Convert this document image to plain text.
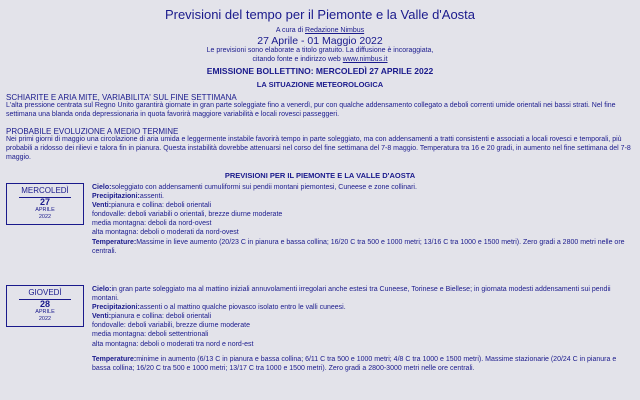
Previsioni del tempo per il Piemonte e la Valle d'Aosta
A cura di Redazione Nimbus
27 Aprile - 01 Maggio 2022
Le previsioni sono elaborate a titolo gratuito. La diffusione è incoraggiata,
citando fonte e indirizzo web www.nimbus.it
EMISSIONE BOLLETTINO: MERCOLEDÌ 27 APRILE 2022
LA SITUAZIONE METEOROLOGICA
SCHIARITE E ARIA MITE, VARIABILITA' SUL FINE SETTIMANA
L'alta pressione centrata sul Regno Unito garantirà giornate in gran parte soleggiate fino a venerdì, pur con qualche addensamento collegato a deboli correnti umide orientali nei bassi strati. Nel fine settimana una blanda onda depressionaria in quota favorirà maggiore variabilità e locali rovesci passeggeri.
PROBABILE EVOLUZIONE A MEDIO TERMINE
Nei primi giorni di maggio una circolazione di aria umida e leggermente instabile favorirà tempo in parte soleggiato, ma con addensamenti a tratti consistenti e associati a locali rovesci e temporali, più probabili a ridosso dei rilievi e talora fin in pianura. Questa instabilità dovrebbe attenuarsi nel corso del fine settimana del 7-8 maggio. Temperatura tra 16 e 20 gradi, in aumento nel fine settimana del 7-8 maggio.
PREVISIONI PER IL PIEMONTE E LA VALLE D'AOSTA
MERCOLEDÌ
27
APRILE
2022
Cielo:soleggiato con addensamenti cumuliformi sui pendii montani piemontesi, Cuneese e zone collinari.
Precipitazioni:assenti.
Venti:pianura e collina: deboli orientali
fondovalle: deboli variabili o orientali, brezze diurne moderate
media montagna: deboli da nord-ovest
alta montagna: deboli o moderati da nord-ovest
Temperature:Massime in lieve aumento (20/23 C in pianura e bassa collina; 16/20 C tra 500 e 1000 metri; 13/16 C tra 1000 e 1500 metri). Zero gradi a 2800 metri nelle ore centrali.
GIOVEDÌ
28
APRILE
2022
Cielo:in gran parte soleggiato ma al mattino iniziali annuvolamenti irregolari anche estesi tra Cuneese, Torinese e Biellese; in giornata modesti addensamenti sui pendii montani.
Precipitazioni:assenti o al mattino qualche piovasco isolato entro le valli cuneesi.
Venti:pianura e collina: deboli orientali
fondovalle: deboli variabili, brezze diurne moderate
media montagna: deboli settentrionali
alta montagna: deboli o moderati tra nord e nord-est
Temperature:minime in aumento (6/13 C in pianura e bassa collina; 6/11 C tra 500 e 1000 metri; 4/8 C tra 1000 e 1500 metri). Massime stazionarie (20/24 C in pianura e bassa collina; 16/20 C tra 500 e 1000 metri; 13/17 C tra 1000 e 1500 metri). Zero gradi a 2800-3000 metri nelle ore centrali.
